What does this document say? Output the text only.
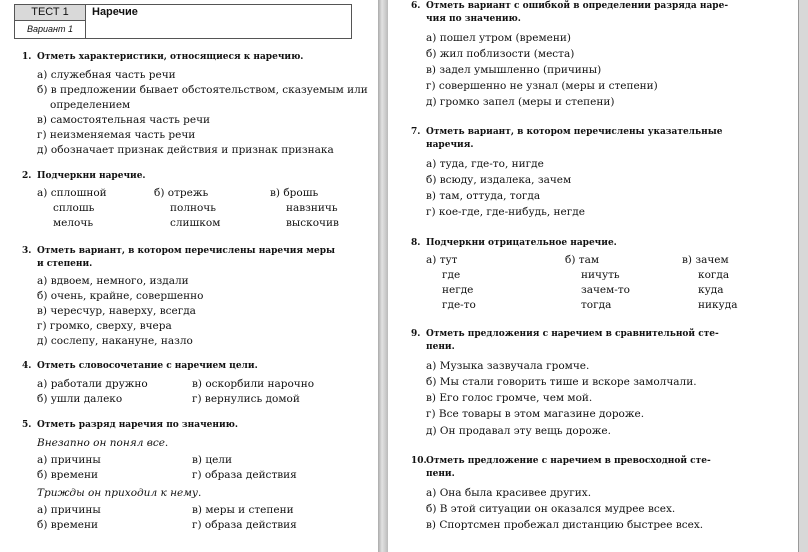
ТЕСТ 1
Вариант 1
Наречие
1. Отметь характеристики, относящиеся к наречию.
а) служебная часть речи
б) в предложении бывает обстоятельством, сказуемым или определением
в) самостоятельная часть речи
г) неизменяемая часть речи
д) обозначает признак действия и признак признака
2. Подчеркни наречие.
а) сплошной
сплошь
мелочь
б) отрежь
полночь
слишком
в) брошь
навзничь
выскочив
3. Отметь вариант, в котором перечислены наречия меры
и степени.
а) вдвоем, немного, издали
б) очень, крайне, совершенно
в) чересчур, наверху, всегда
г) громко, сверху, вчера
д) сослепу, накануне, назло
4. Отметь словосочетание с наречием цели.
а) работали дружно
б) ушли далеко
в) оскорбили нарочно
г) вернулись домой
5. Отметь разряд наречия по значению.
Внезапно он понял все.
а) причины
б) времени
в) цели
г) образа действия
Трижды он приходил к нему.
а) причины
б) времени
в) меры и степени
г) образа действия
6. Отметь вариант с ошибкой в определении разряда наре-
чия по значению.
а) пошел утром (времени)
б) жил поблизости (места)
в) задел умышленно (причины)
г) совершенно не узнал (меры и степени)
д) громко запел (меры и степени)
7. Отметь вариант, в котором перечислены указательные
наречия.
а) туда, где-то, нигде
б) всюду, издалека, зачем
в) там, оттуда, тогда
г) кое-где, где-нибудь, негде
8. Подчеркни отрицательное наречие.
а) тут
где
негде
где-то
б) там
ничуть
зачем-то
тогда
в) зачем
когда
куда
никуда
9. Отметь предложения с наречием в сравнительной сте-
пени.
а) Музыка зазвучала громче.
б) Мы стали говорить тише и вскоре замолчали.
в) Его голос громче, чем мой.
г) Все товары в этом магазине дороже.
д) Он продавал эту вещь дороже.
10.Отметь предложение с наречием в превосходной сте-
пени.
а) Она была красивее других.
б) В этой ситуации он оказался мудрее всех.
в) Спортсмен пробежал дистанцию быстрее всех.
